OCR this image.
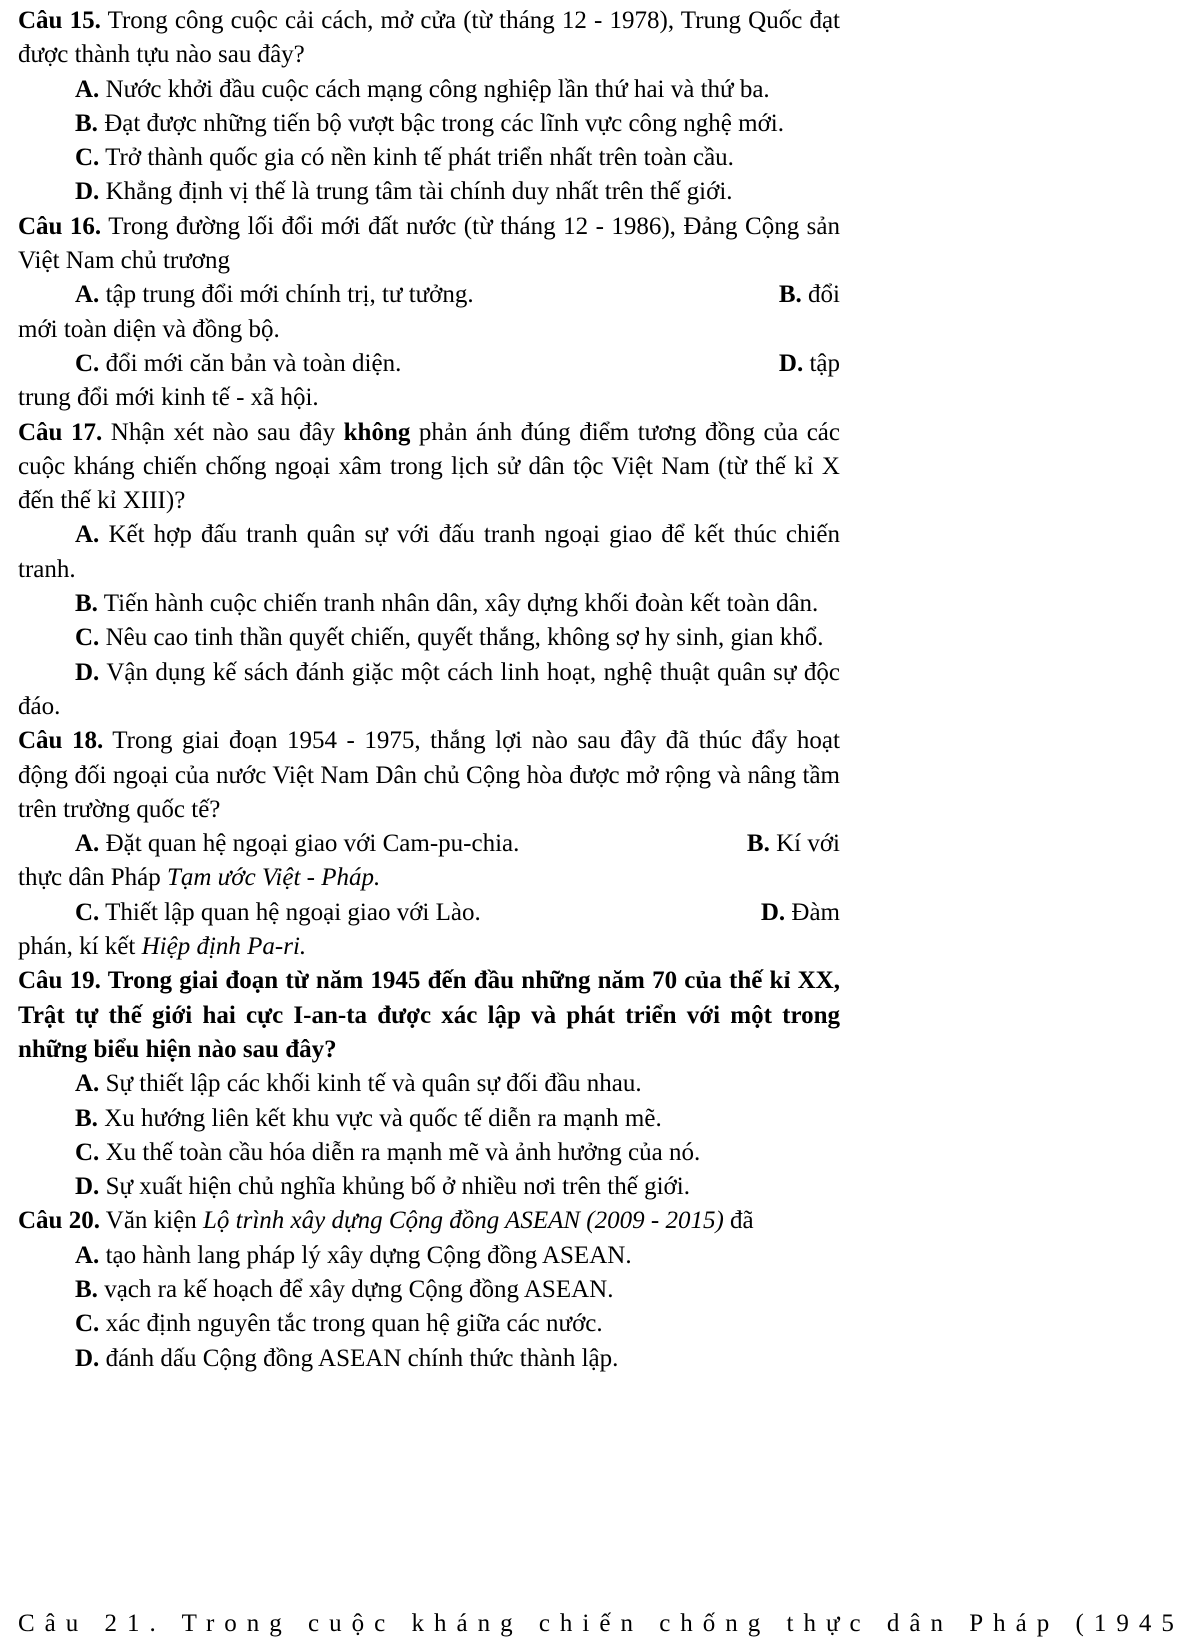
Câu 15. Trong công cuộc cải cách, mở cửa (từ tháng 12 - 1978), Trung Quốc đạt được thành tựu nào sau đây?

A. Nước khởi đầu cuộc cách mạng công nghiệp lần thứ hai và thứ ba.

B. Đạt được những tiến bộ vượt bậc trong các lĩnh vực công nghệ mới.

C. Trở thành quốc gia có nền kinh tế phát triển nhất trên toàn cầu.

D. Khẳng định vị thế là trung tâm tài chính duy nhất trên thế giới.

Câu 16. Trong đường lối đổi mới đất nước (từ tháng 12 - 1986), Đảng Cộng sản Việt Nam chủ trương

A. tập trung đổi mới chính trị, tư tưởng.	B. đổi

mới toàn diện và đồng bộ.

C. đổi mới căn bản và toàn diện.	D. tập

trung đổi mới kinh tế - xã hội.

Câu 17. Nhận xét nào sau đây không phản ánh đúng điểm tương đồng của các cuộc kháng chiến chống ngoại xâm trong lịch sử dân tộc Việt Nam (từ thế kỉ X đến thế kỉ XIII)?

A. Kết hợp đấu tranh quân sự với đấu tranh ngoại giao để kết thúc chiến tranh.

B. Tiến hành cuộc chiến tranh nhân dân, xây dựng khối đoàn kết toàn dân.

C. Nêu cao tinh thần quyết chiến, quyết thắng, không sợ hy sinh, gian khổ.

D. Vận dụng kế sách đánh giặc một cách linh hoạt, nghệ thuật quân sự độc đáo.

Câu 18. Trong giai đoạn 1954 - 1975, thắng lợi nào sau đây đã thúc đẩy hoạt động đối ngoại của nước Việt Nam Dân chủ Cộng hòa được mở rộng và nâng tầm trên trường quốc tế?

A. Đặt quan hệ ngoại giao với Cam-pu-chia.	B. Kí với

thực dân Pháp Tạm ước Việt - Pháp.

C. Thiết lập quan hệ ngoại giao với Lào.	D. Đàm

phán, kí kết Hiệp định Pa-ri.

Câu 19. Trong giai đoạn từ năm 1945 đến đầu những năm 70 của thế kỉ XX, Trật tự thế giới hai cực I-an-ta được xác lập và phát triển với một trong những biểu hiện nào sau đây?

A. Sự thiết lập các khối kinh tế và quân sự đối đầu nhau.

B. Xu hướng liên kết khu vực và quốc tế diễn ra mạnh mẽ.

C. Xu thế toàn cầu hóa diễn ra mạnh mẽ và ảnh hưởng của nó.

D. Sự xuất hiện chủ nghĩa khủng bố ở nhiều nơi trên thế giới.

Câu 20. Văn kiện Lộ trình xây dựng Cộng đồng ASEAN (2009 - 2015) đã

A. tạo hành lang pháp lý xây dựng Cộng đồng ASEAN.

B. vạch ra kế hoạch để xây dựng Cộng đồng ASEAN.

C. xác định nguyên tắc trong quan hệ giữa các nước.

D. đánh dấu Cộng đồng ASEAN chính thức thành lập.

Câu 21. Trong cuộc kháng chiến chống thực dân Pháp (1945
